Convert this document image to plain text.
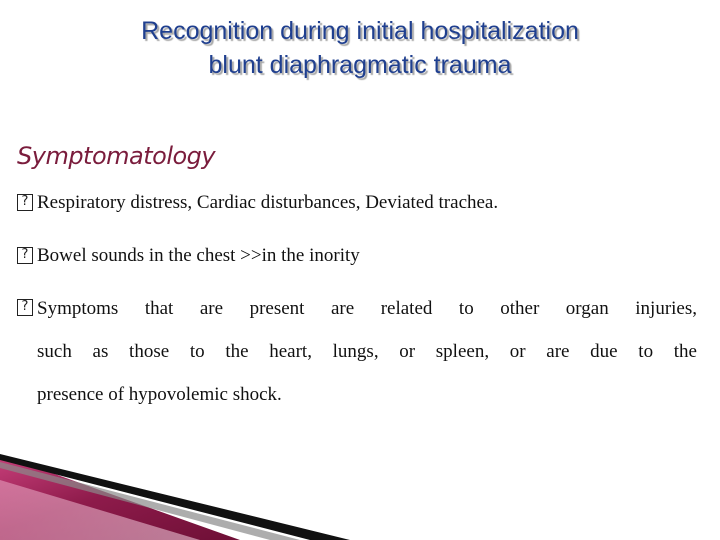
Recognition during initial hospitalization
blunt diaphragmatic trauma
Symptomatology
? Respiratory distress, Cardiac disturbances, Deviated trachea.
? Bowel sounds in the chest >>in the inority
? Symptoms that are present are related to other organ injuries,
such as those to the heart, lungs, or spleen, or are due to the
presence of hypovolemic shock.
